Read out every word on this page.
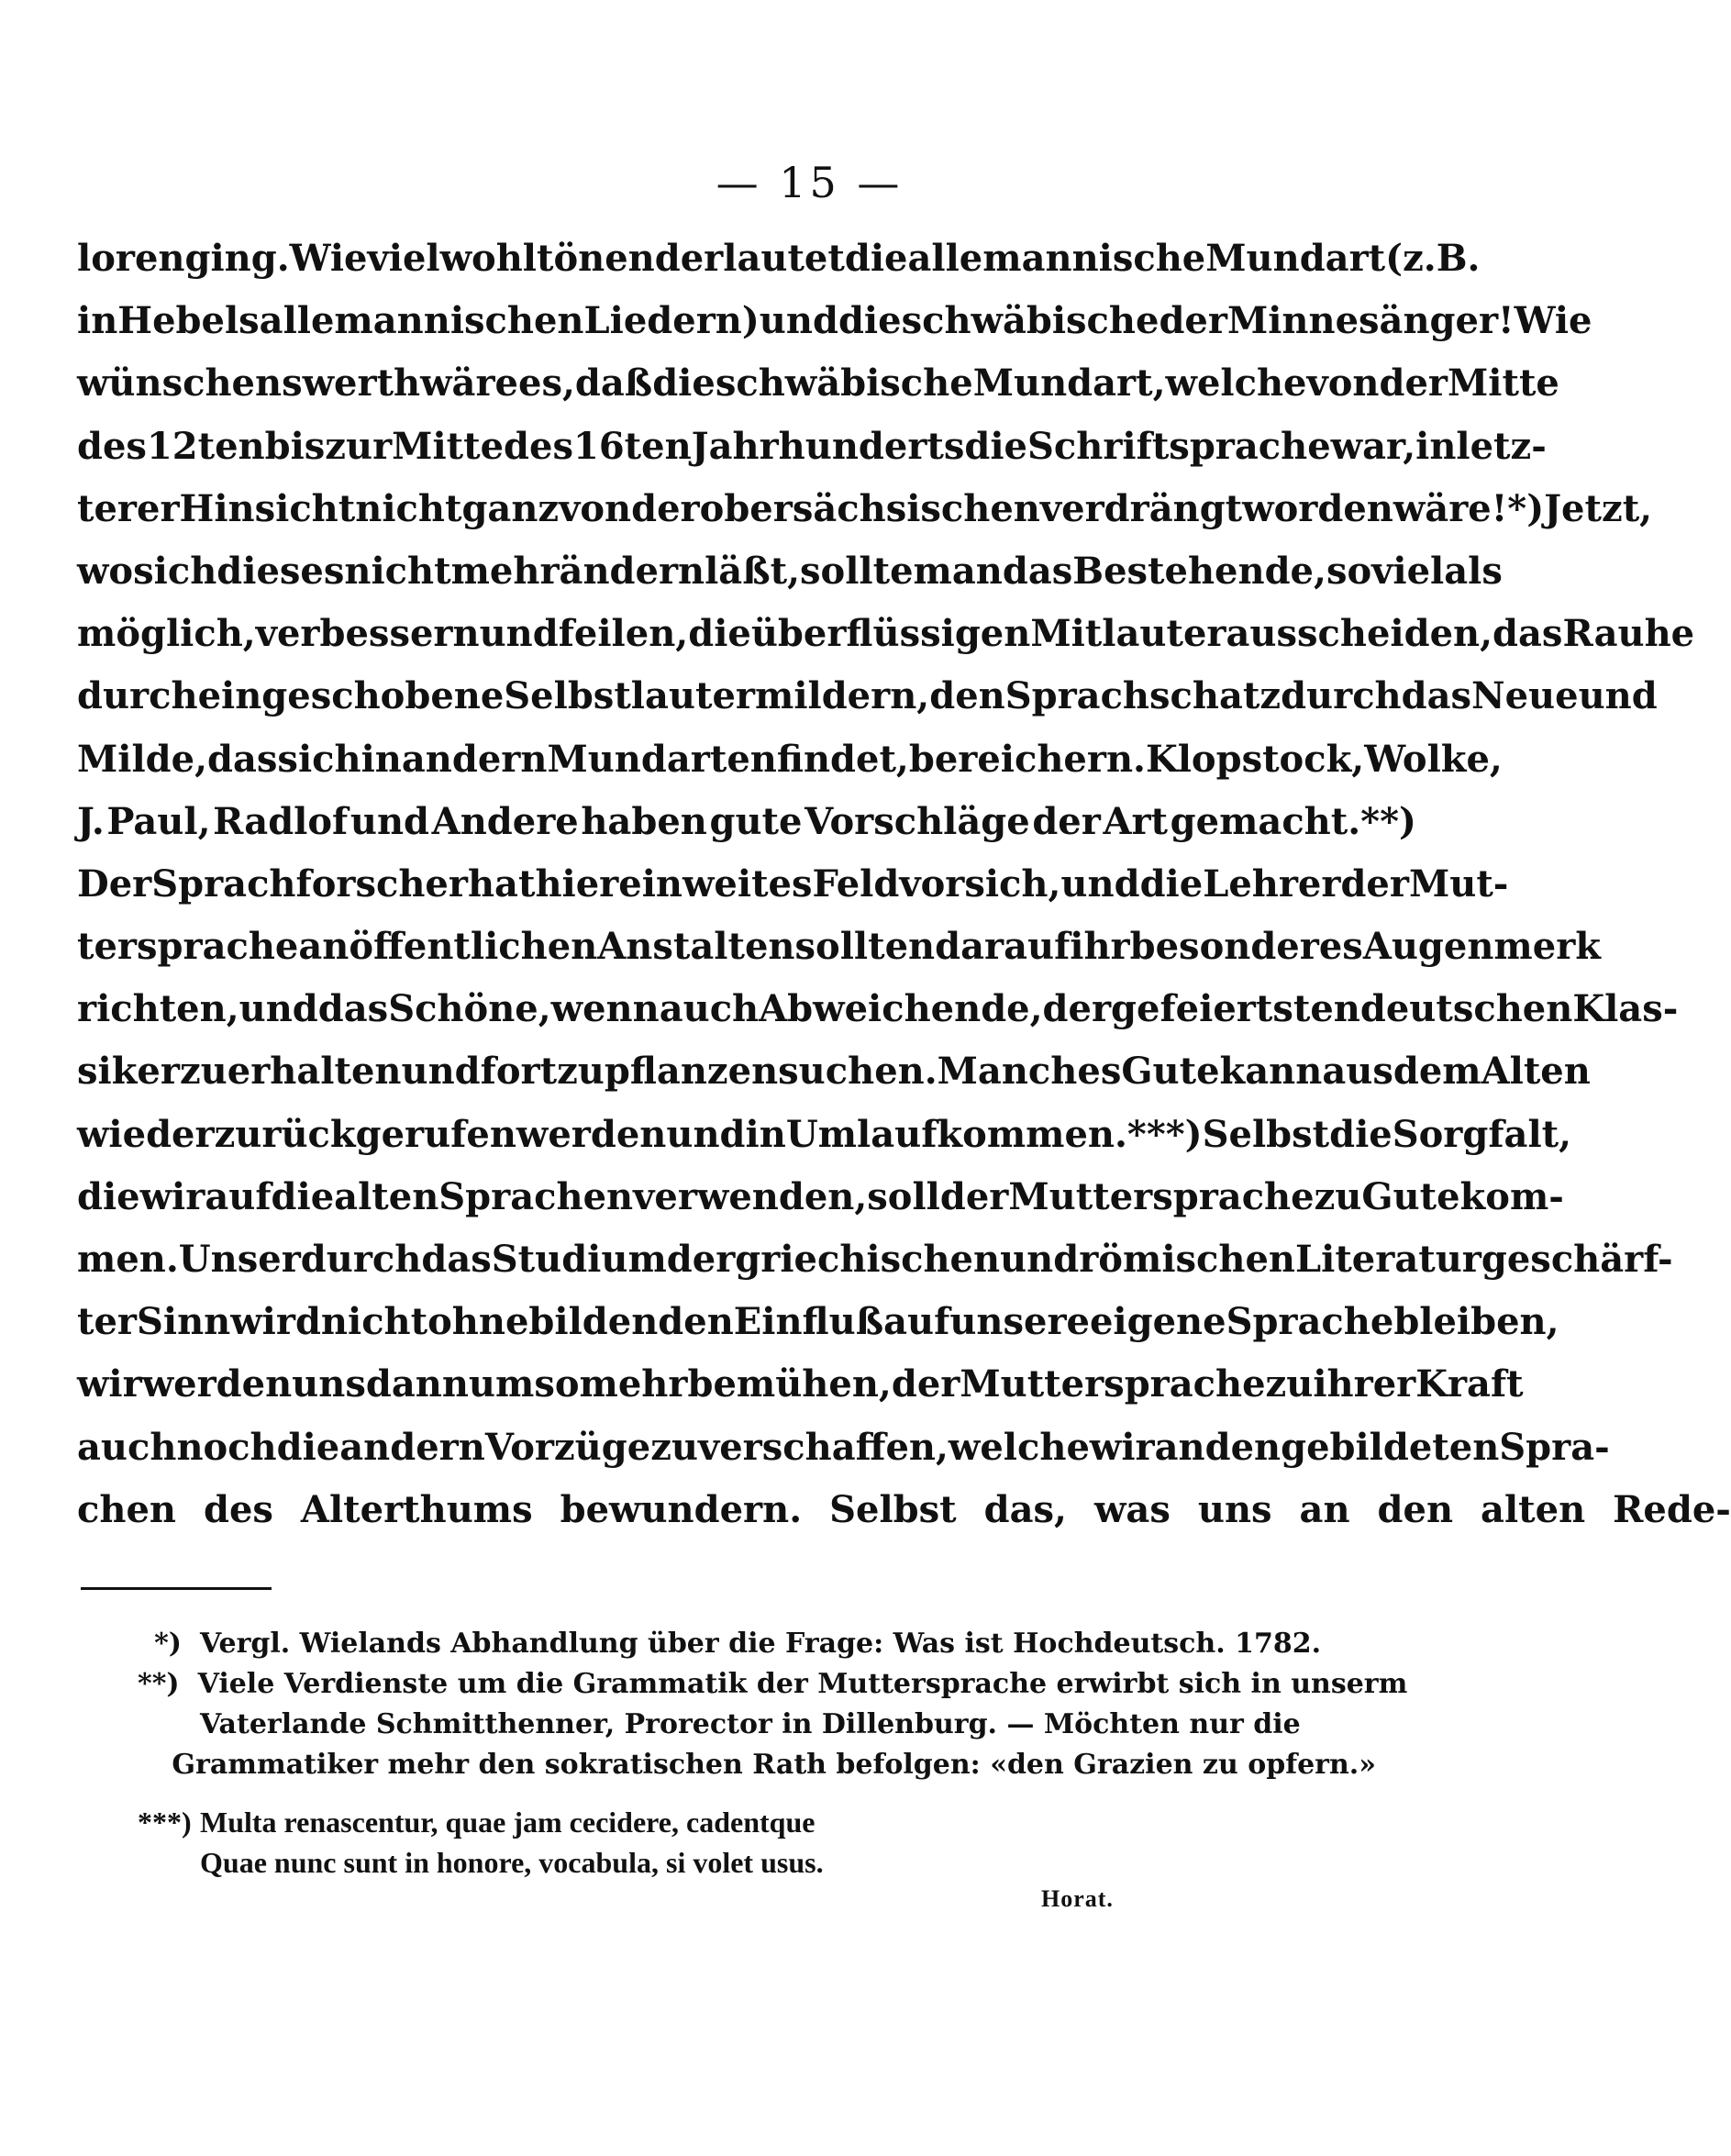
— 15 —
loren ging. Wie viel wohltönender lautet die allemannische Mundart (z.B.
in Hebels allemannischen Liedern) und die schwäbische der Minnesänger! Wie
wünschenswerth wäre es, daß die schwäbische Mundart, welche von der Mitte
des 12ten bis zur Mitte des 16ten Jahrhunderts die Schriftsprache war, in letz-
terer Hinsicht nicht ganz von der obersächsischen verdrängt worden wäre!*) Jetzt,
wo sich dieses nicht mehr ändern läßt, sollte man das Bestehende, so viel als
möglich, verbessern und feilen, die überflüssigen Mitlauter ausscheiden, das Rauhe
durch eingeschobene Selbstlauter mildern, den Sprachschatz durch das Neue und
Milde, das sich in andern Mundarten findet, bereichern. Klopstock, Wolke,
J. Paul, Radlof und Andere haben gute Vorschläge der Art gemacht.**)
Der Sprachforscher hat hier ein weites Feld vor sich, und die Lehrer der Mut-
tersprache an öffentlichen Anstalten sollten darauf ihr besonderes Augenmerk
richten, und das Schöne, wenn auch Abweichende, der gefeiertsten deutschen Klas-
siker zu erhalten und fortzupflanzen suchen. Manches Gute kann aus dem Alten
wieder zurückgerufen werden und in Umlauf kommen.***) Selbst die Sorgfalt,
die wir auf die alten Sprachen verwenden, soll der Muttersprache zu Gute kom-
men. Unser durch das Studium der griechischen und römischen Literatur geschärf-
ter Sinn wird nicht ohne bildenden Einfluß auf unsere eigene Sprache bleiben,
wir werden uns dann um so mehr bemühen, der Muttersprache zu ihrer Kraft
auch noch die andern Vorzüge zu verschaffen, welche wir an den gebildeten Spra-
chen des Alterthums bewundern. Selbst das, was uns an den alten Rede-
*) Vergl. Wielands Abhandlung über die Frage: Was ist Hochdeutsch. 1782.
**) Viele Verdienste um die Grammatik der Muttersprache erwirbt sich in unserm
Vaterlande Schmitthenner, Prorector in Dillenburg. — Möchten nur die
Grammatiker mehr den sokratischen Rath befolgen: «den Grazien zu opfern.»
***) Multa renascentur, quae jam cecidere, cadentque
Quae nunc sunt in honore, vocabula, si volet usus.
Horat.
